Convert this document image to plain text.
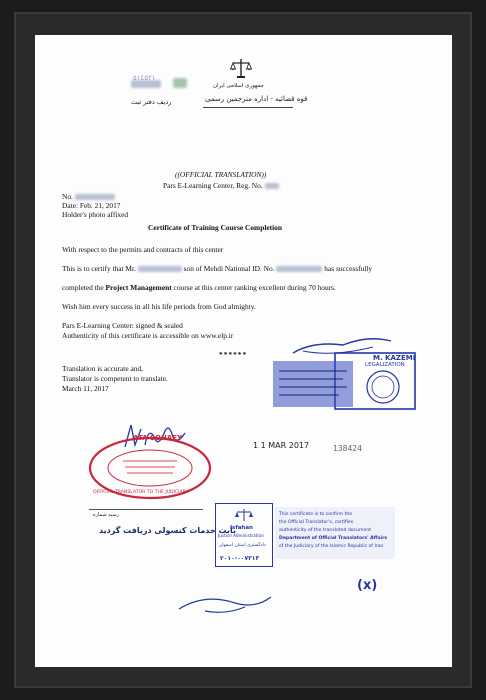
٥١٤٥٢١
ردیف دفتر ثبت
جمهوری اسلامی ایران
قوه قضائیه - اداره مترجمین رسمی
((OFFICIAL TRANSLATION))
Pars E-Learning Center, Reg. No.
No.
Date: Feb. 21, 2017
Holder's photo affixed
Certificate of Training Course Completion
With respect to the permits and contracts of this center
This is to certify that Mr.	son of Mehdi National ID. No.	has successfully
completed the Project Management course at this center ranking excellent during 70 hours.
Wish him every success in all his life periods from God almighty.
Pars E-Learning Center: signed & sealed
Authenticity of this certificate is accessible on www.elp.ir
******
Translation is accurate and,
Translator is competent to translate.
March 11, 2017
M. KAZEMI
LEGALIZATION
1 1 MAR 2017	138424
ATA SOHAEY
OFFICIAL TRANSLATOR TO THE JUDICIARY
رسید شماره
بابت خدمات کنسولی دریافت گردید
Isfahan
Justice Administration
دادگستری استان اصفهان
۲۰۱۰-۰۰۷۳۱۳
This certificate is to confirm the
the Official Translator's, certifies
authenticity of the translated document
Department of Official Translators' Affairs
of the Judiciary of the Islamic Republic of Iran
(x)
